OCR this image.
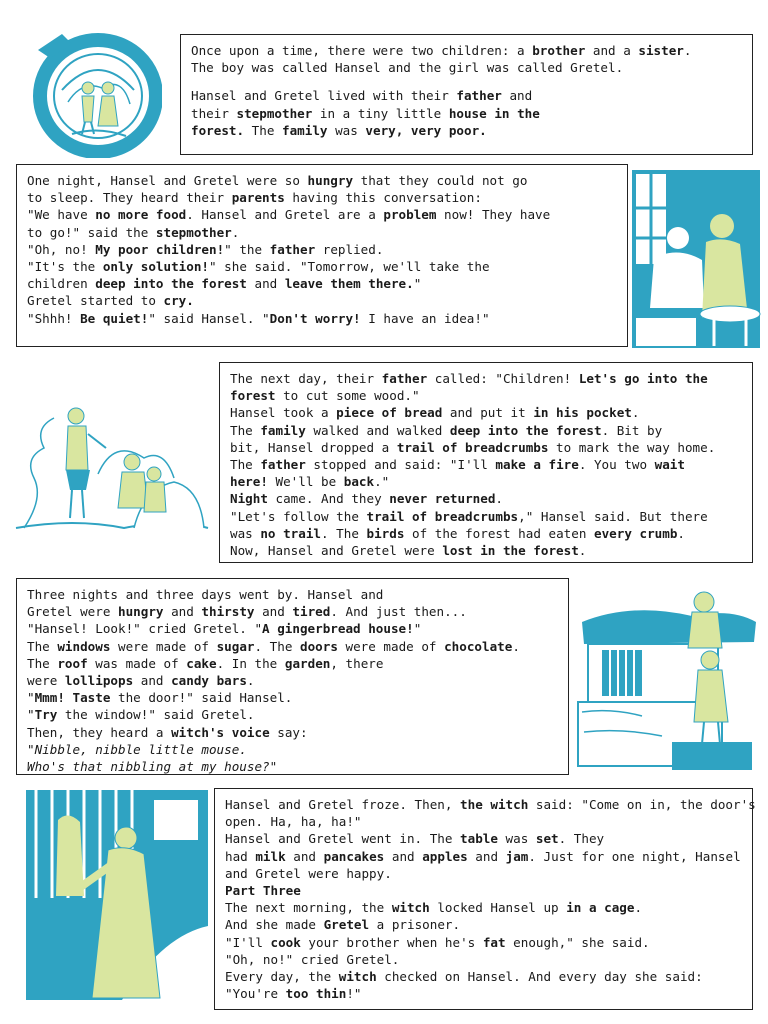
Once upon a time, there were two children: a brother and a sister.

The boy was called Hansel and the girl was called Gretel.

Hansel and Gretel lived with their father and

their stepmother in a tiny little house in the

forest. The family was very, very poor.

One night, Hansel and Gretel were so hungry that they could not go

to sleep. They heard their parents having this conversation:

"We have no more food. Hansel and Gretel are a problem now! They have

to go!" said the stepmother.

"Oh, no! My poor children!" the father replied.

"It's the only solution!" she said. "Tomorrow, we'll take the

children deep into the forest and leave them there."

Gretel started to cry.

"Shhh! Be quiet!" said Hansel. "Don't worry! I have an idea!"

The next day, their father called: "Children! Let's go into the

forest to cut some wood."

Hansel took a piece of bread and put it in his pocket.

The family walked and walked deep into the forest. Bit by

bit, Hansel dropped a trail of breadcrumbs to mark the way home.

The father stopped and said: "I'll make a fire. You two wait

here! We'll be back."

Night came. And they never returned.

"Let's follow the trail of breadcrumbs," Hansel said. But there

was no trail. The birds of the forest had eaten every crumb.

Now, Hansel and Gretel were lost in the forest.

Three nights and three days went by. Hansel and

Gretel were hungry and thirsty and tired. And just then...

"Hansel! Look!" cried Gretel. "A gingerbread house!"

The windows were made of sugar. The doors were made of chocolate.

The roof was made of cake. In the garden, there

were lollipops and candy bars.

"Mmm! Taste the door!" said Hansel.

"Try the window!" said Gretel.

Then, they heard a witch's voice say:

"Nibble, nibble little mouse.

Who's that nibbling at my house?"

Hansel and Gretel froze. Then, the witch said: "Come on in, the door's

open. Ha, ha, ha!"

Hansel and Gretel went in. The table was set. They

had milk and pancakes and apples and jam. Just for one night, Hansel

and Gretel were happy.

Part Three

The next morning, the witch locked Hansel up in a cage.

And she made Gretel a prisoner.

"I'll cook your brother when he's fat enough," she said.

"Oh, no!" cried Gretel.

Every day, the witch checked on Hansel. And every day she said:

"You're too thin!"
